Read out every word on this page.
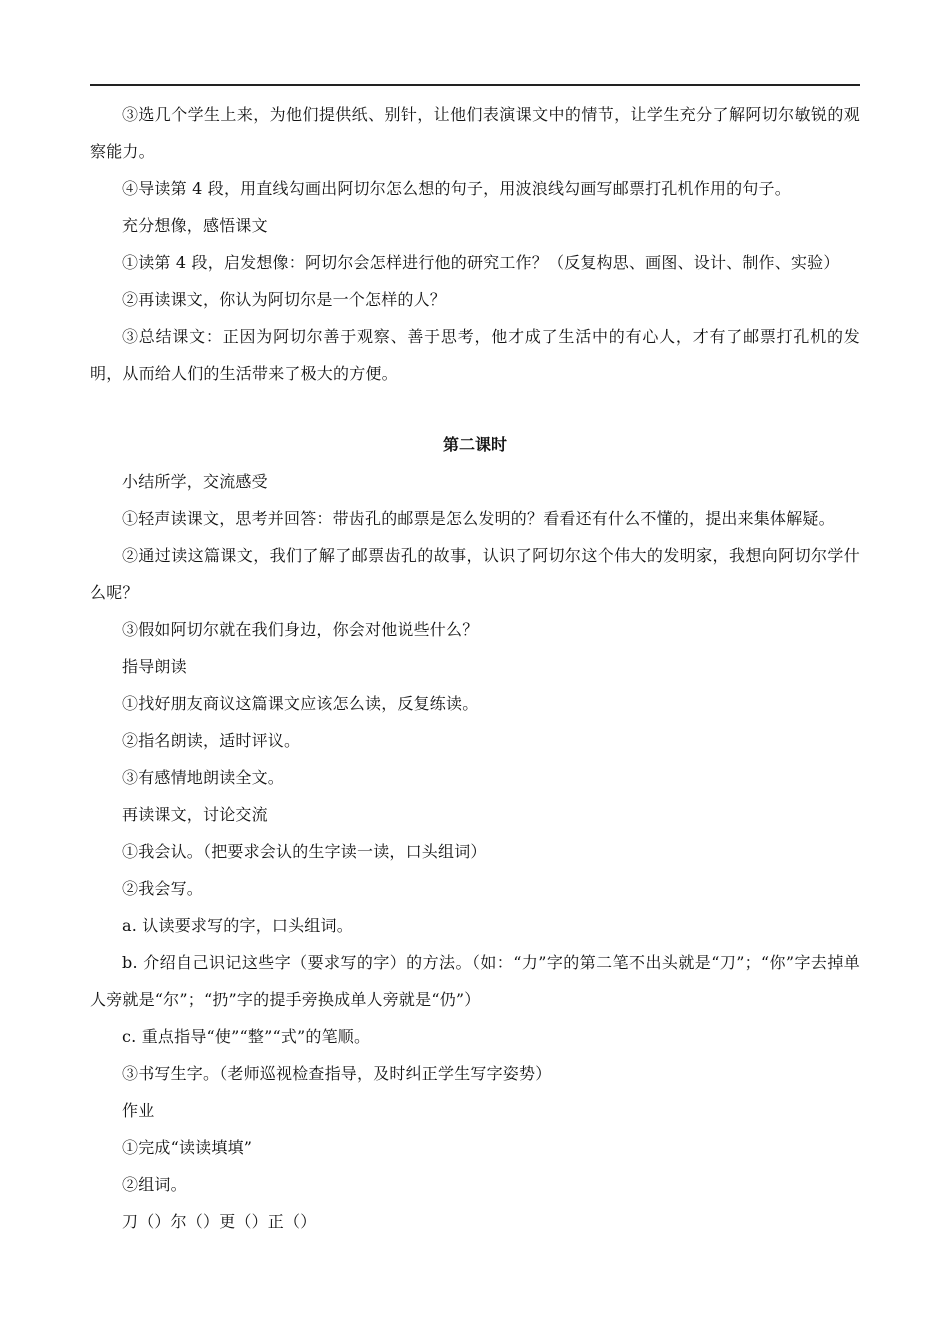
③选几个学生上来，为他们提供纸、别针，让他们表演课文中的情节，让学生充分了解阿切尔敏锐的观察能力。

④导读第 4 段，用直线勾画出阿切尔怎么想的句子，用波浪线勾画写邮票打孔机作用的句子。

充分想像，感悟课文

①读第 4 段，启发想像：阿切尔会怎样进行他的研究工作？（反复构思、画图、设计、制作、实验）

②再读课文，你认为阿切尔是一个怎样的人？

③总结课文：正因为阿切尔善于观察、善于思考，他才成了生活中的有心人，才有了邮票打孔机的发明，从而给人们的生活带来了极大的方便。

第二课时

小结所学，交流感受

①轻声读课文，思考并回答：带齿孔的邮票是怎么发明的？看看还有什么不懂的，提出来集体解疑。

②通过读这篇课文，我们了解了邮票齿孔的故事，认识了阿切尔这个伟大的发明家，我想向阿切尔学什么呢？

③假如阿切尔就在我们身边，你会对他说些什么？

指导朗读

①找好朋友商议这篇课文应该怎么读，反复练读。

②指名朗读，适时评议。

③有感情地朗读全文。

再读课文，讨论交流

①我会认。（把要求会认的生字读一读，口头组词）

②我会写。

a. 认读要求写的字，口头组词。

b. 介绍自己识记这些字（要求写的字）的方法。（如：“力”字的第二笔不出头就是“刀”；“你”字去掉单人旁就是“尔”；“扔”字的提手旁换成单人旁就是“仍”）

c. 重点指导“使”“整”“式”的笔顺。

③书写生字。（老师巡视检查指导，及时纠正学生写字姿势）

作业

①完成“读读填填”

②组词。

刀（）尔（）更（）正（）
